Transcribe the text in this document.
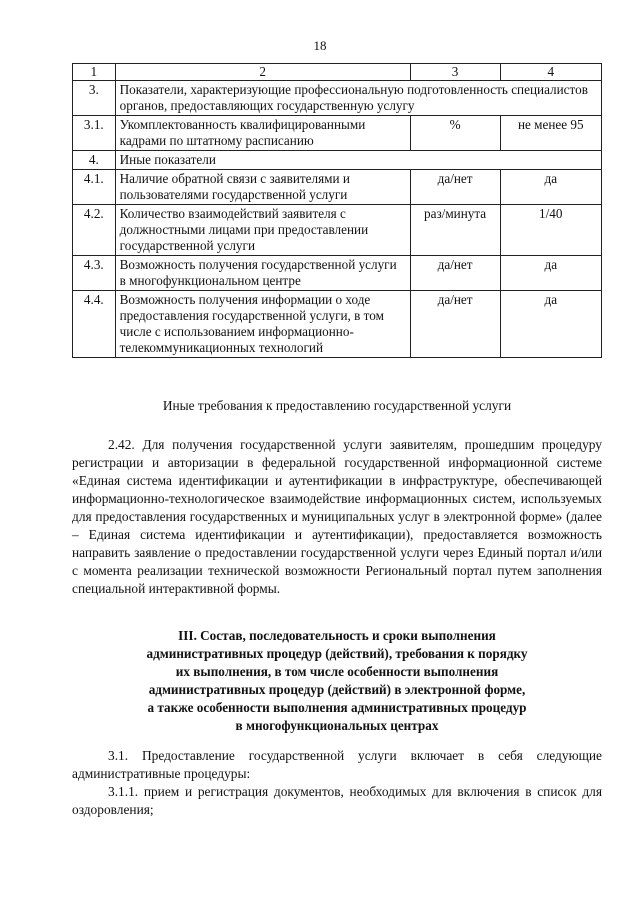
18
1	2	3	4
3.	Показатели, характеризующие профессиональную подготовленность специалистов органов, предоставляющих государственную услугу		
3.1.	Укомплектованность квалифицированными кадрами по штатному расписанию	%	не менее 95
4.	Иные показатели		
4.1.	Наличие обратной связи с заявителями и пользователями государственной услуги	да/нет	да
4.2.	Количество взаимодействий заявителя с должностными лицами при предоставлении государственной услуги	раз/минута	1/40
4.3.	Возможность получения государственной услуги в многофункциональном центре	да/нет	да
4.4.	Возможность получения информации о ходе предоставления государственной услуги, в том числе с использованием информационно-телекоммуникационных технологий	да/нет	да
Иные требования к предоставлению государственной услуги

2.42. Для получения государственной услуги заявителям, прошедшим процедуру регистрации и авторизации в федеральной государственной информационной системе «Единая система идентификации и аутентификации в инфраструктуре, обеспечивающей информационно-технологическое взаимодействие информационных систем, используемых для предоставления государственных и муниципальных услуг в электронной форме» (далее – Единая система идентификации и аутентификации), предоставляется возможность направить заявление о предоставлении государственной услуги через Единый портал и/или с момента реализации технической возможности Региональный портал путем заполнения специальной интерактивной формы.

III. Состав, последовательность и сроки выполнения
административных процедур (действий), требования к порядку
их выполнения, в том числе особенности выполнения
административных процедур (действий) в электронной форме,
а также особенности выполнения административных процедур
в многофункциональных центрах

3.1. Предоставление государственной услуги включает в себя следующие административные процедуры:

3.1.1. прием и регистрация документов, необходимых для включения в список для оздоровления;
